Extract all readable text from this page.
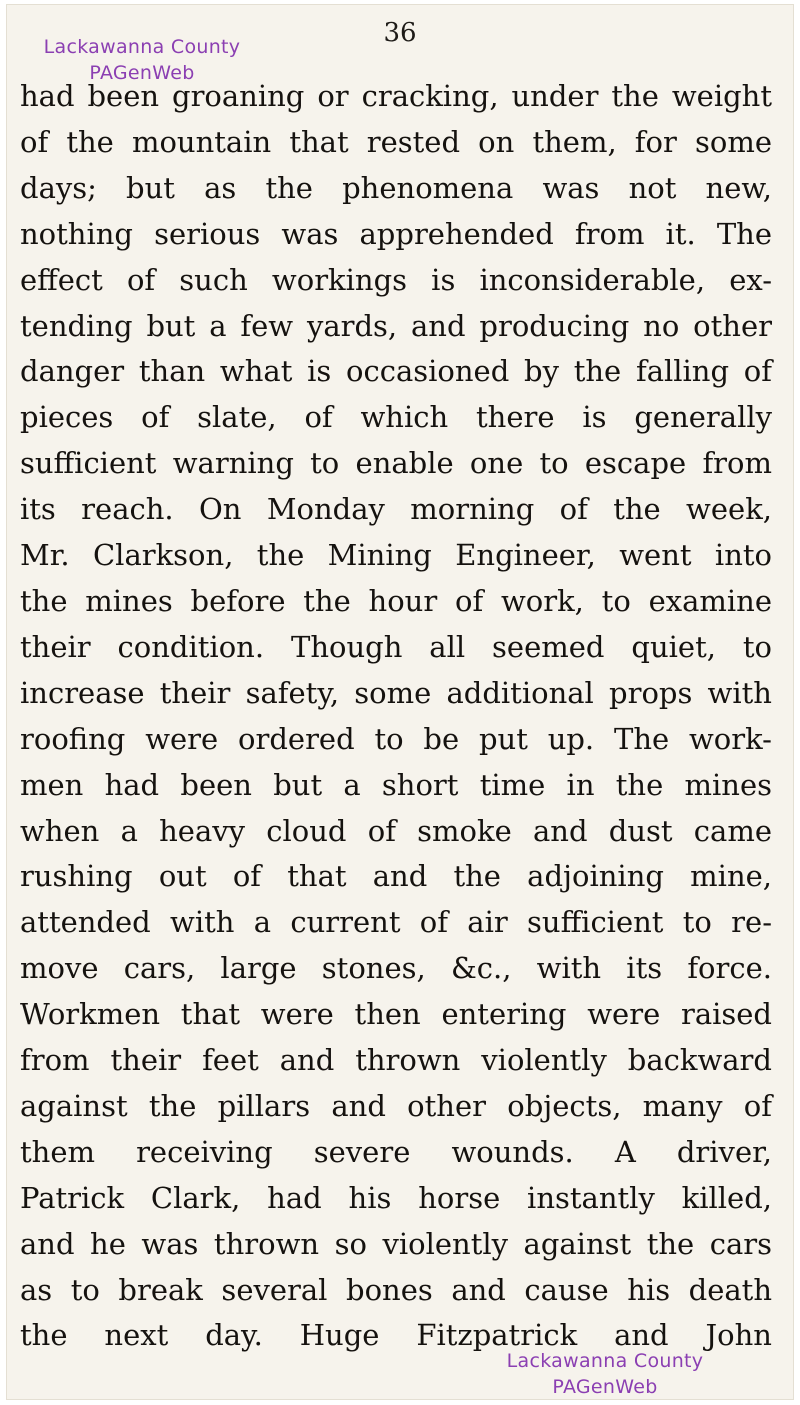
36
Lackawanna County
PAGenWeb
had been groaning or cracking, under the weight
of the mountain that rested on them, for some
days; but as the phenomena was not new,
nothing serious was apprehended from it. The
effect of such workings is inconsiderable, ex-
tending but a few yards, and producing no other
danger than what is occasioned by the falling of
pieces of slate, of which there is generally
sufficient warning to enable one to escape from
its reach. On Monday morning of the week,
Mr. Clarkson, the Mining Engineer, went into
the mines before the hour of work, to examine
their condition. Though all seemed quiet, to
increase their safety, some additional props with
roofing were ordered to be put up. The work-
men had been but a short time in the mines
when a heavy cloud of smoke and dust came
rushing out of that and the adjoining mine,
attended with a current of air sufficient to re-
move cars, large stones, &c., with its force.
Workmen that were then entering were raised
from their feet and thrown violently backward
against the pillars and other objects, many of
them receiving severe wounds. A driver,
Patrick Clark, had his horse instantly killed,
and he was thrown so violently against the cars
as to break several bones and cause his death
the next day. Huge Fitzpatrick and John
Lackawanna County
PAGenWeb
